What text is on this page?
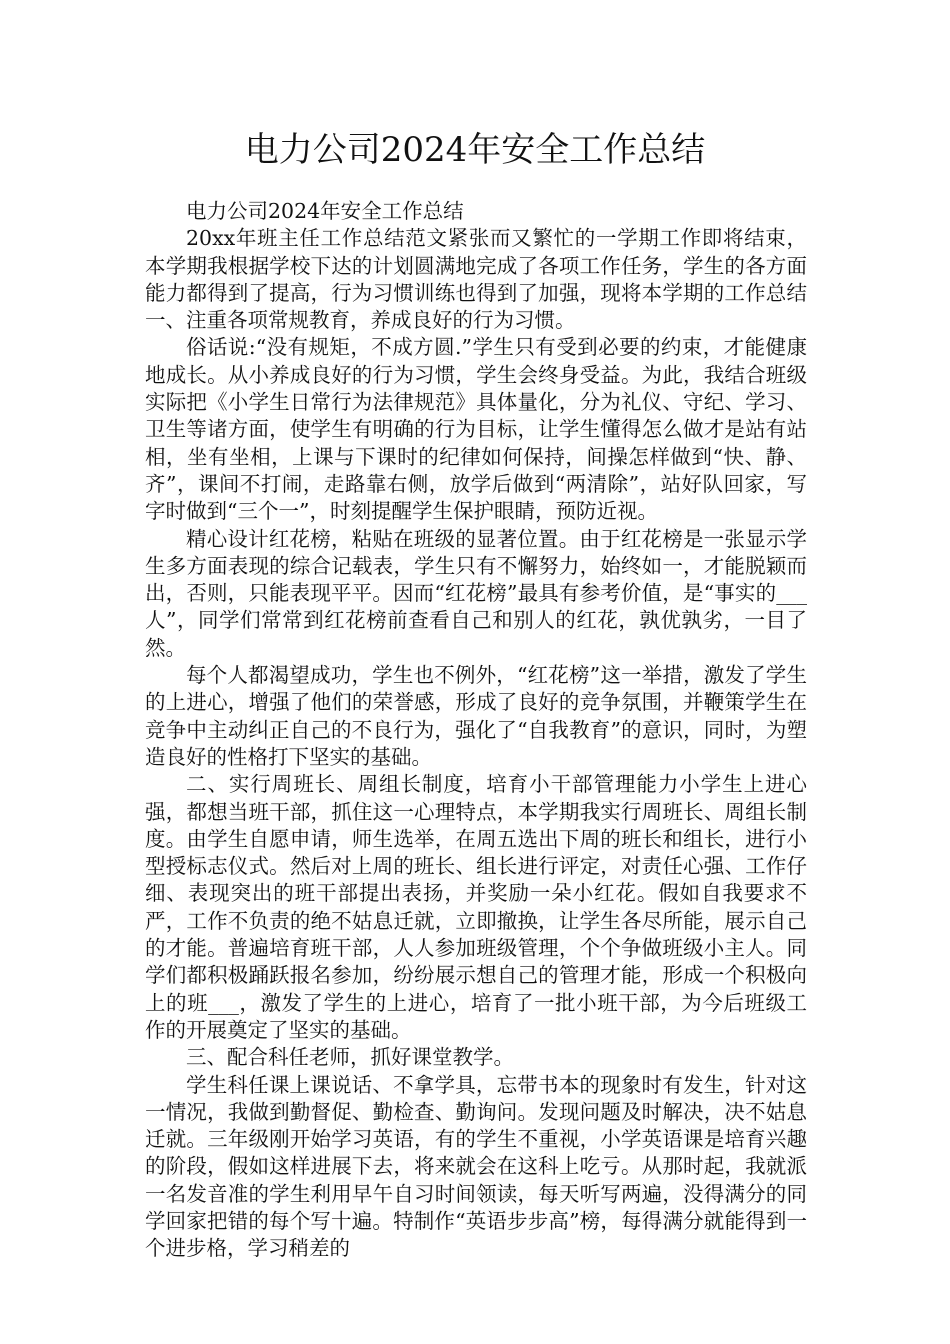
电力公司2024年安全工作总结

电力公司2024年安全工作总结

20xx年班主任工作总结范文紧张而又繁忙的一学期工作即将结束，本学期我根据学校下达的计划圆满地完成了各项工作任务，学生的各方面能力都得到了提高，行为习惯训练也得到了加强，现将本学期的工作总结一、注重各项常规教育，养成良好的行为习惯。

俗话说:“没有规矩，不成方圆.”学生只有受到必要的约束，才能健康地成长。从小养成良好的行为习惯，学生会终身受益。为此，我结合班级实际把《小学生日常行为法律规范》具体量化，分为礼仪、守纪、学习、卫生等诸方面，使学生有明确的行为目标，让学生懂得怎么做才是站有站相，坐有坐相，上课与下课时的纪律如何保持，间操怎样做到“快、静、齐”，课间不打闹，走路靠右侧，放学后做到“两清除”，站好队回家，写字时做到“三个一”，时刻提醒学生保护眼睛，预防近视。

精心设计红花榜，粘贴在班级的显著位置。由于红花榜是一张显示学生多方面表现的综合记载表，学生只有不懈努力，始终如一，才能脱颖而出，否则，只能表现平平。因而“红花榜”最具有参考价值，是“事实的___人”，同学们常常到红花榜前查看自己和别人的红花，孰优孰劣，一目了然。

每个人都渴望成功，学生也不例外，“红花榜”这一举措，激发了学生的上进心，增强了他们的荣誉感，形成了良好的竞争氛围，并鞭策学生在竞争中主动纠正自己的不良行为，强化了“自我教育”的意识，同时，为塑造良好的性格打下坚实的基础。

二、实行周班长、周组长制度，培育小干部管理能力小学生上进心强，都想当班干部，抓住这一心理特点，本学期我实行周班长、周组长制度。由学生自愿申请，师生选举，在周五选出下周的班长和组长，进行小型授标志仪式。然后对上周的班长、组长进行评定，对责任心强、工作仔细、表现突出的班干部提出表扬，并奖励一朵小红花。假如自我要求不严，工作不负责的绝不姑息迁就，立即撤换，让学生各尽所能，展示自己的才能。普遍培育班干部，人人参加班级管理，个个争做班级小主人。同学们都积极踊跃报名参加，纷纷展示想自己的管理才能，形成一个积极向上的班___，激发了学生的上进心，培育了一批小班干部，为今后班级工作的开展奠定了坚实的基础。

三、配合科任老师，抓好课堂教学。

学生科任课上课说话、不拿学具，忘带书本的现象时有发生，针对这一情况，我做到勤督促、勤检查、勤询问。发现问题及时解决，决不姑息迁就。三年级刚开始学习英语，有的学生不重视，小学英语课是培育兴趣的阶段，假如这样进展下去，将来就会在这科上吃亏。从那时起，我就派一名发音准的学生利用早午自习时间领读，每天听写两遍，没得满分的同学回家把错的每个写十遍。特制作“英语步步高”榜，每得满分就能得到一个进步格，学习稍差的
